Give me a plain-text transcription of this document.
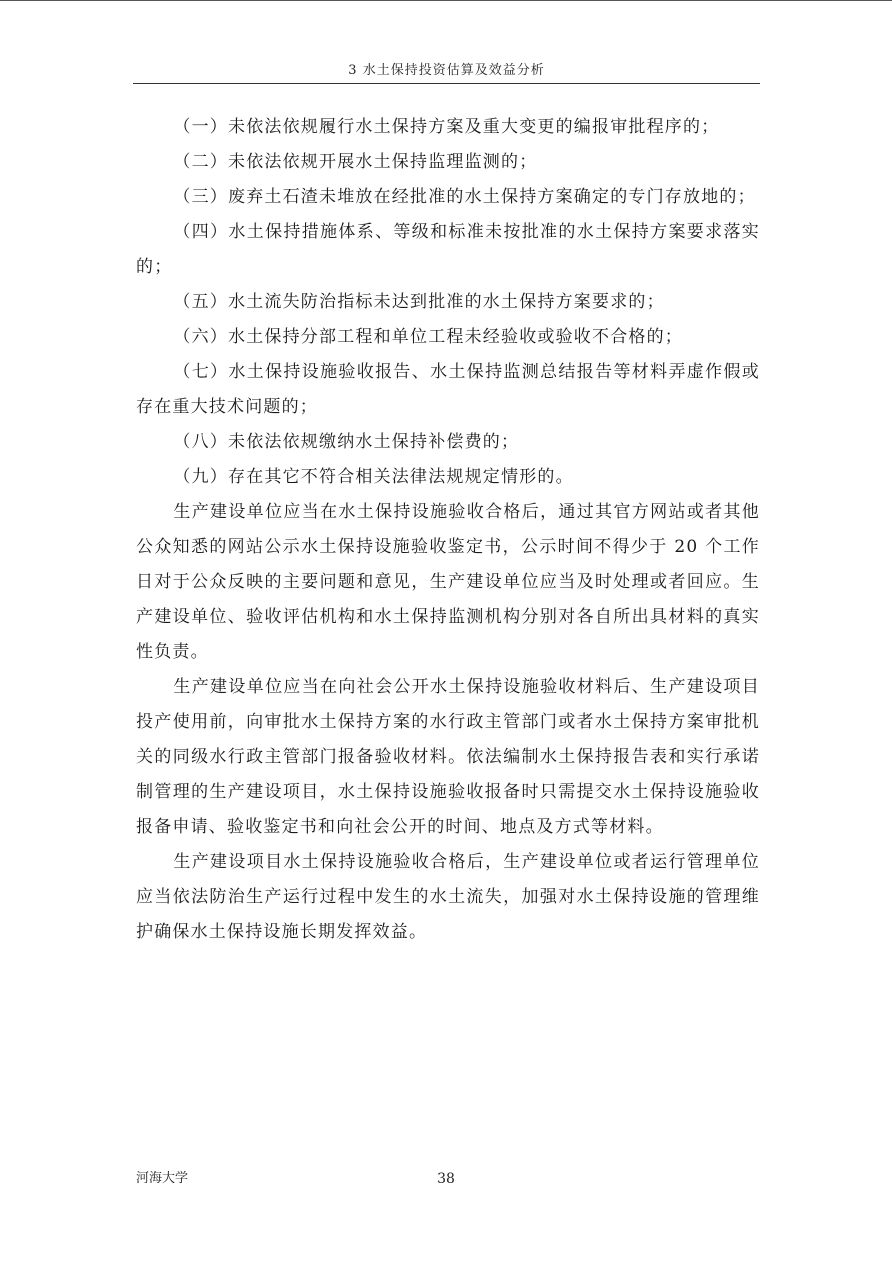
3 水土保持投资估算及效益分析

（一）未依法依规履行水土保持方案及重大变更的编报审批程序的；

（二）未依法依规开展水土保持监理监测的；

（三）废弃土石渣未堆放在经批准的水土保持方案确定的专门存放地的；

（四）水土保持措施体系、等级和标准未按批准的水土保持方案要求落实的；

（五）水土流失防治指标未达到批准的水土保持方案要求的；

（六）水土保持分部工程和单位工程未经验收或验收不合格的；

（七）水土保持设施验收报告、水土保持监测总结报告等材料弄虚作假或存在重大技术问题的；

（八）未依法依规缴纳水土保持补偿费的；

（九）存在其它不符合相关法律法规规定情形的。

生产建设单位应当在水土保持设施验收合格后，通过其官方网站或者其他公众知悉的网站公示水土保持设施验收鉴定书，公示时间不得少于 20 个工作日对于公众反映的主要问题和意见，生产建设单位应当及时处理或者回应。生产建设单位、验收评估机构和水土保持监测机构分别对各自所出具材料的真实性负责。

生产建设单位应当在向社会公开水土保持设施验收材料后、生产建设项目投产使用前，向审批水土保持方案的水行政主管部门或者水土保持方案审批机关的同级水行政主管部门报备验收材料。依法编制水土保持报告表和实行承诺制管理的生产建设项目，水土保持设施验收报备时只需提交水土保持设施验收报备申请、验收鉴定书和向社会公开的时间、地点及方式等材料。

生产建设项目水土保持设施验收合格后，生产建设单位或者运行管理单位应当依法防治生产运行过程中发生的水土流失，加强对水土保持设施的管理维护确保水土保持设施长期发挥效益。

河海大学	38
